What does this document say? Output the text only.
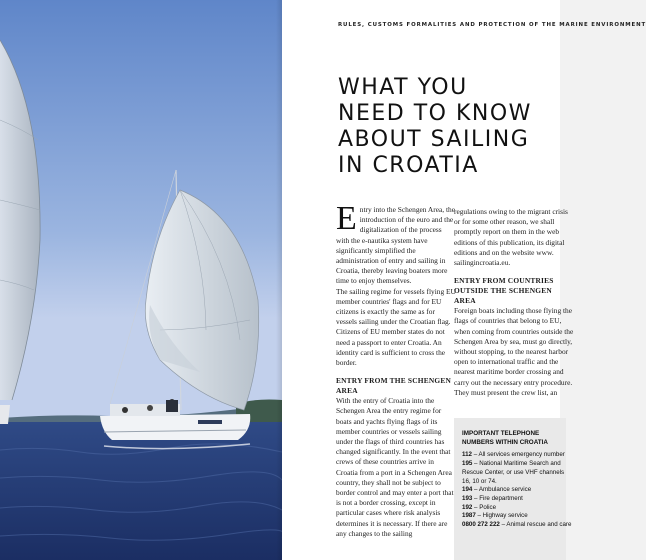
RULES, CUSTOMS FORMALITIES AND PROTECTION OF THE MARINE ENVIRONMENT
WHAT YOU
NEED TO KNOW
ABOUT SAILING
IN CROATIA

E ntry into the Schengen Area, the introduction of the euro and the digitalization of the process with the e-nautika system have significantly simplified the administration of entry and sailing in Croatia, thereby leaving boaters more time to enjoy themselves.

The sailing regime for vessels flying EU member countries' flags and for EU citizens is exactly the same as for vessels sailing under the Croatian flag. Citizens of EU member states do not need a passport to enter Croatia. An identity card is sufficient to cross the border.

ENTRY FROM THE SCHENGEN AREA

With the entry of Croatia into the Schengen Area the entry regime for boats and yachts flying flags of its member countries or vessels sailing under the flags of third countries has changed significantly. In the event that crews of these countries arrive in Croatia from a port in a Schengen Area country, they shall not be subject to border control and may enter a port that is not a border crossing, except in particular cases where risk analysis determines it is necessary. If there are any changes to the sailing

regulations owing to the migrant crisis or for some other reason, we shall promptly report on them in the web editions of this publication, its digital editions and on the website www. sailingincroatia.eu.

ENTRY FROM COUNTRIES OUTSIDE THE SCHENGEN AREA

Foreign boats including those flying the flags of countries that belong to EU, when coming from countries outside the Schengen Area by sea, must go directly, without stopping, to the nearest harbor open to international traffic and the nearest maritime border crossing and carry out the necessary entry procedure. They must present the crew list, an

IMPORTANT TELEPHONE
NUMBERS WITHIN CROATIA
112 – All services emergency number
195 – National Maritime Search and Rescue Center, or use VHF channels 16, 10 or 74.
194 – Ambulance service
193 – Fire department
192 – Police
1987 – Highway service
0800 272 222 – Animal rescue and care
